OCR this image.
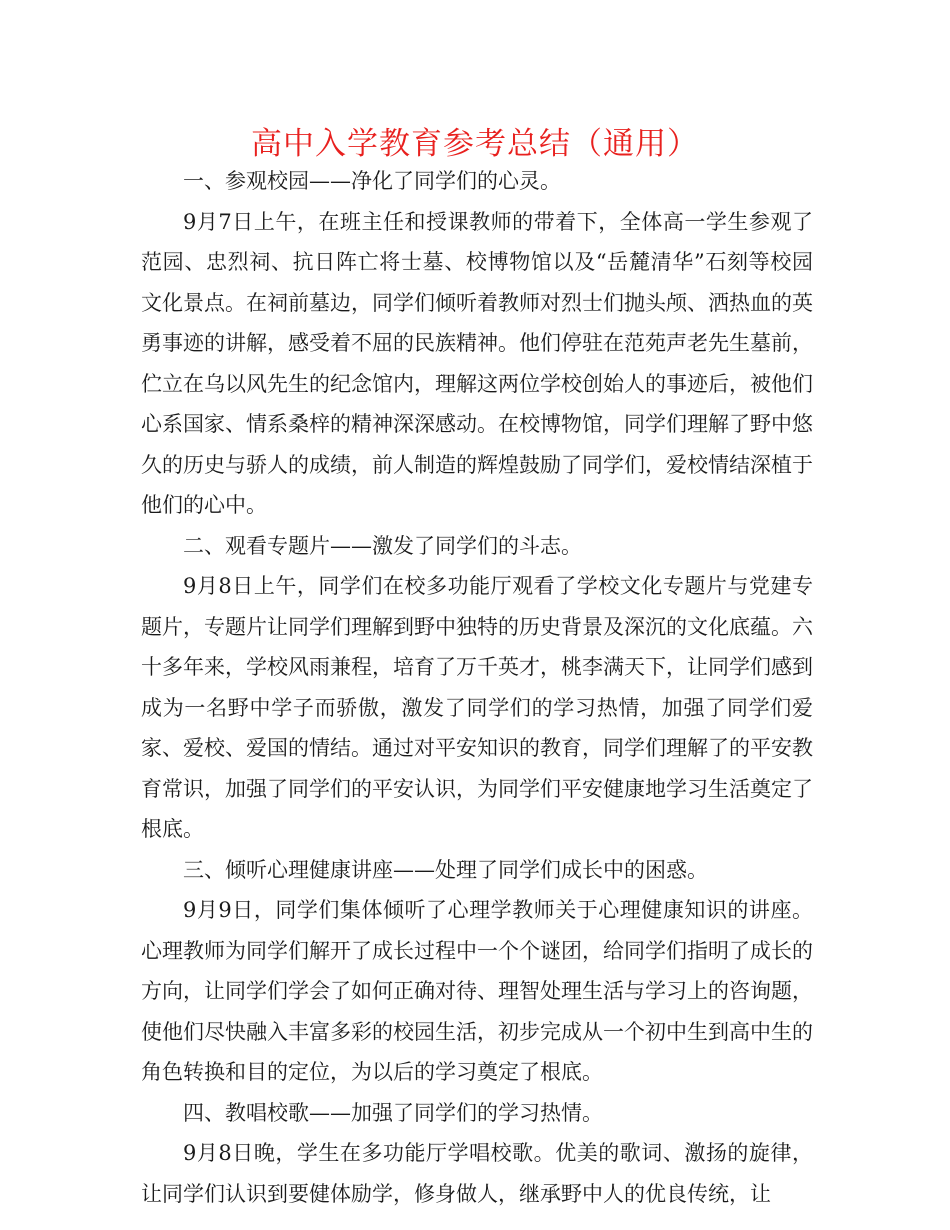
高中入学教育参考总结（通用）

一、参观校园——净化了同学们的心灵。

9月7日上午，在班主任和授课教师的带着下，全体高一学生参观了范园、忠烈祠、抗日阵亡将士墓、校博物馆以及“岳麓清华”石刻等校园文化景点。在祠前墓边，同学们倾听着教师对烈士们抛头颅、洒热血的英勇事迹的讲解，感受着不屈的民族精神。他们停驻在范苑声老先生墓前，伫立在乌以风先生的纪念馆内，理解这两位学校创始人的事迹后，被他们心系国家、情系桑梓的精神深深感动。在校博物馆，同学们理解了野中悠久的历史与骄人的成绩，前人制造的辉煌鼓励了同学们，爱校情结深植于他们的心中。

二、观看专题片——激发了同学们的斗志。

9月8日上午，同学们在校多功能厅观看了学校文化专题片与党建专题片，专题片让同学们理解到野中独特的历史背景及深沉的文化底蕴。六十多年来，学校风雨兼程，培育了万千英才，桃李满天下，让同学们感到成为一名野中学子而骄傲，激发了同学们的学习热情，加强了同学们爱家、爱校、爱国的情结。通过对平安知识的教育，同学们理解了的平安教育常识，加强了同学们的平安认识，为同学们平安健康地学习生活奠定了根底。

三、倾听心理健康讲座——处理了同学们成长中的困惑。

9月9日，同学们集体倾听了心理学教师关于心理健康知识的讲座。心理教师为同学们解开了成长过程中一个个谜团，给同学们指明了成长的方向，让同学们学会了如何正确对待、理智处理生活与学习上的咨询题，使他们尽快融入丰富多彩的校园生活，初步完成从一个初中生到高中生的角色转换和目的定位，为以后的学习奠定了根底。

四、教唱校歌——加强了同学们的学习热情。

9月8日晚，学生在多功能厅学唱校歌。优美的歌词、激扬的旋律，让同学们认识到要健体励学，修身做人，继承野中人的优良传统，让
